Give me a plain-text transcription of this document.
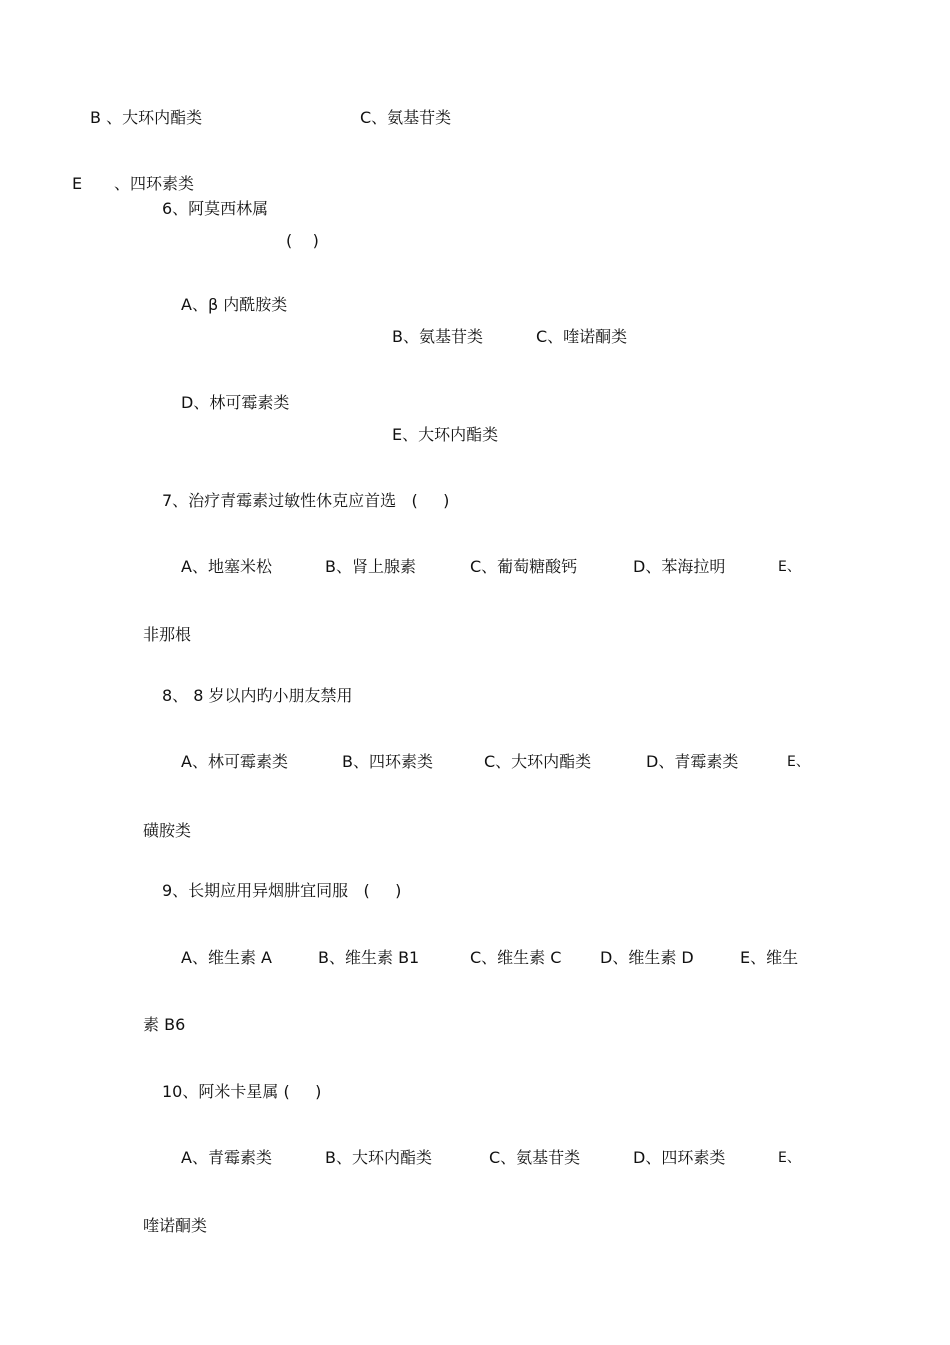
B 、大环内酯类	C、氨基苷类
E 、四环素类
6、阿莫西林属
(    )
A、β 内酰胺类
B、氨基苷类	C、喹诺酮类
D、林可霉素类
E、大环内酯类
7、治疗青霉素过敏性休克应首选   (     )
A、地塞米松	B、肾上腺素	C、葡萄糖酸钙	D、苯海拉明	E、
非那根
8、 8 岁以内旳小朋友禁用
A、林可霉素类	B、四环素类	C、大环内酯类	D、青霉素类	E、
磺胺类
9、长期应用异烟肼宜同服   (     )
A、维生素 A	B、维生素 B1	C、维生素 C D、维生素 D	E、维生
素 B6
10、阿米卡星属 (     )
A、青霉素类	B、大环内酯类	C、氨基苷类	D、四环素类	E、
喹诺酮类
